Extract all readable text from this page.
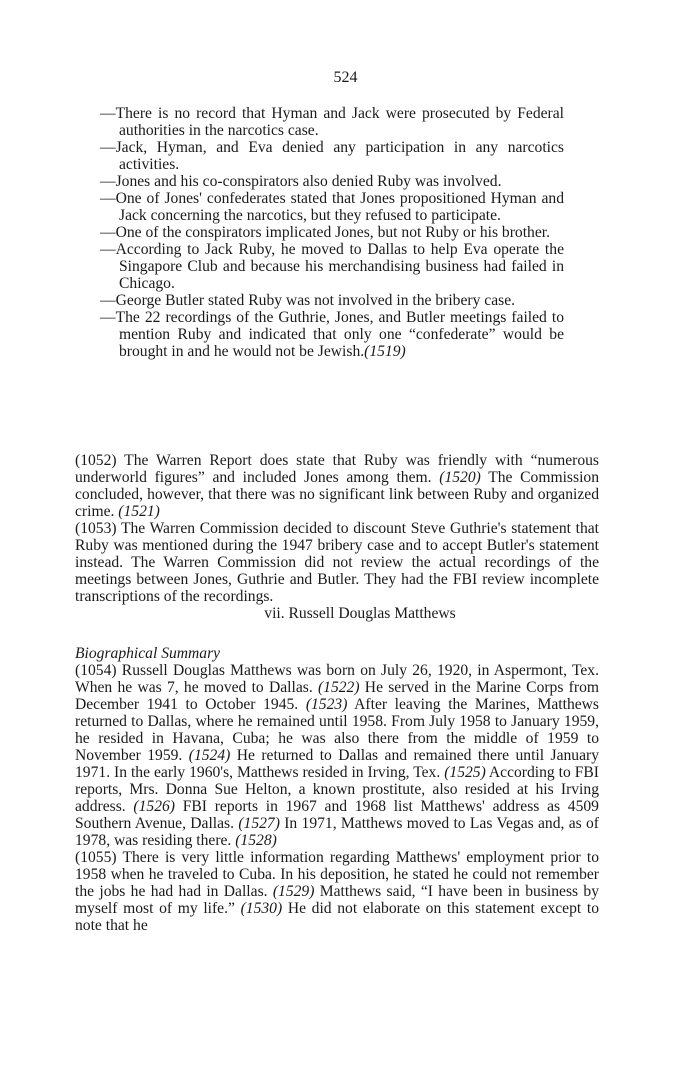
524
—There is no record that Hyman and Jack were prosecuted by Federal authorities in the narcotics case.
—Jack, Hyman, and Eva denied any participation in any narcotics activities.
—Jones and his co-conspirators also denied Ruby was involved.
—One of Jones' confederates stated that Jones propositioned Hyman and Jack concerning the narcotics, but they refused to participate.
—One of the conspirators implicated Jones, but not Ruby or his brother.
—According to Jack Ruby, he moved to Dallas to help Eva operate the Singapore Club and because his merchandising business had failed in Chicago.
—George Butler stated Ruby was not involved in the bribery case.
—The 22 recordings of the Guthrie, Jones, and Butler meetings failed to mention Ruby and indicated that only one “confederate” would be brought in and he would not be Jewish.(1519)

(1052) The Warren Report does state that Ruby was friendly with “numerous underworld figures” and included Jones among them. (1520) The Commission concluded, however, that there was no significant link between Ruby and organized crime. (1521)

(1053) The Warren Commission decided to discount Steve Guthrie's statement that Ruby was mentioned during the 1947 bribery case and to accept Butler's statement instead. The Warren Commission did not review the actual recordings of the meetings between Jones, Guthrie and Butler. They had the FBI review incomplete transcriptions of the recordings.

vii. Russell Douglas Matthews

Biographical Summary

(1054) Russell Douglas Matthews was born on July 26, 1920, in Aspermont, Tex. When he was 7, he moved to Dallas. (1522) He served in the Marine Corps from December 1941 to October 1945. (1523) After leaving the Marines, Matthews returned to Dallas, where he remained until 1958. From July 1958 to January 1959, he resided in Havana, Cuba; he was also there from the middle of 1959 to November 1959. (1524) He returned to Dallas and remained there until January 1971. In the early 1960's, Matthews resided in Irving, Tex. (1525) According to FBI reports, Mrs. Donna Sue Helton, a known prostitute, also resided at his Irving address. (1526) FBI reports in 1967 and 1968 list Matthews' address as 4509 Southern Avenue, Dallas. (1527) In 1971, Matthews moved to Las Vegas and, as of 1978, was residing there. (1528)

(1055) There is very little information regarding Matthews' employment prior to 1958 when he traveled to Cuba. In his deposition, he stated he could not remember the jobs he had had in Dallas. (1529) Matthews said, “I have been in business by myself most of my life.” (1530) He did not elaborate on this statement except to note that he
